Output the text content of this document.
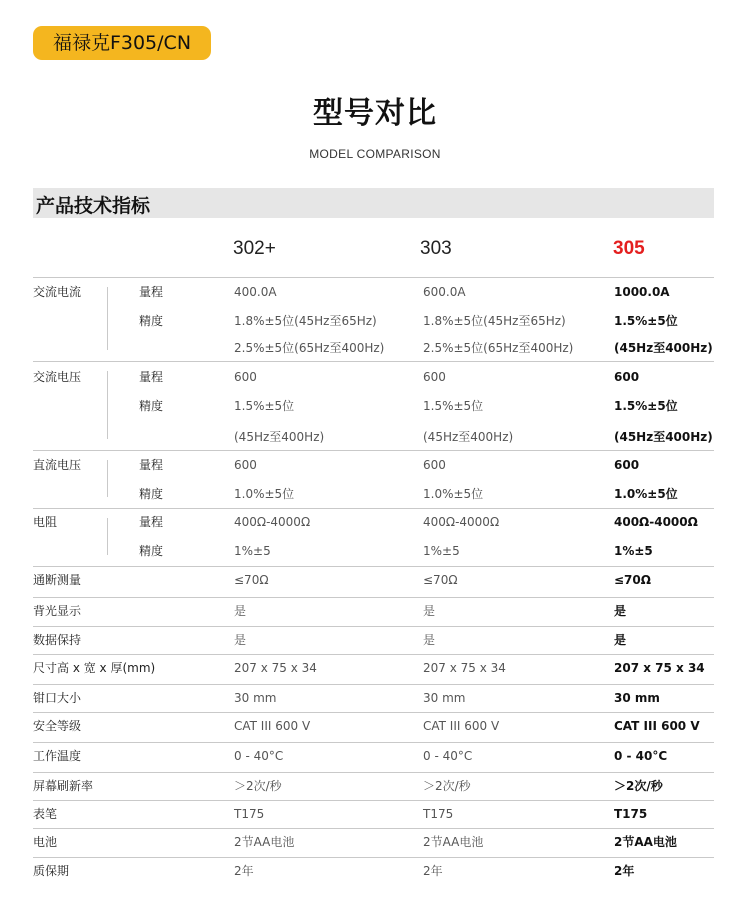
福禄克F305/CN
型号对比
MODEL COMPARISON
产品技术指标
302+	303	305
交流电流	量程	400.0A	600.0A	1000.0A
精度	1.8%±5位(45Hz至65Hz)	1.8%±5位(45Hz至65Hz)	1.5%±5位
2.5%±5位(65Hz至400Hz)	2.5%±5位(65Hz至400Hz)	(45Hz至400Hz)
交流电压	量程	600	600	600
精度	1.5%±5位	1.5%±5位	1.5%±5位
(45Hz至400Hz)	(45Hz至400Hz)	(45Hz至400Hz)
直流电压	量程	600	600	600
精度	1.0%±5位	1.0%±5位	1.0%±5位
电阻	量程	400Ω-4000Ω	400Ω-4000Ω	400Ω-4000Ω
精度	1%±5	1%±5	1%±5
通断测量	≤70Ω	≤70Ω	≤70Ω
背光显示	是	是	是
数据保持	是	是	是
尺寸高 x 宽 x 厚(mm)	207 x 75 x 34	207 x 75 x 34	207 x 75 x 34
钳口大小	30 mm	30 mm	30 mm
安全等级	CAT III 600 V	CAT III 600 V	CAT III 600 V
工作温度	0 - 40°C	0 - 40°C	0 - 40°C
屏幕刷新率	＞2次/秒	＞2次/秒	＞2次/秒
表笔	T175	T175	T175
电池	2节AA电池	2节AA电池	2节AA电池
质保期	2年	2年	2年
